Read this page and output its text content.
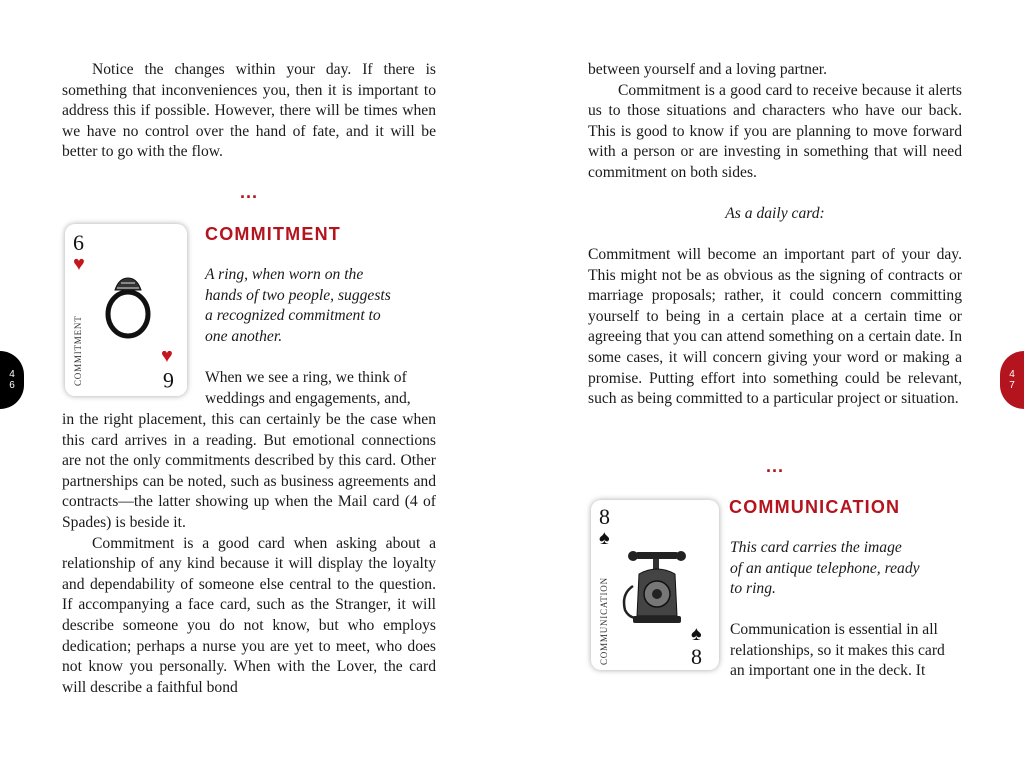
Notice the changes within your day. If there is something that inconveniences you, then it is important to address this if possible. However, there will be times when we have no control over the hand of fate, and it will be better to go with the flow.

...
6
♥
COMMITMENT	♥
6
COMMITMENT
A ring, when worn on the
hands of two people, suggests
a recognized commitment to
one another.
When we see a ring, we think of
weddings and engagements, and,

in the right placement, this can certainly be the case when this card arrives in a reading. But emotional connections are not the only commitments described by this card. Other partnerships can be noted, such as business agreements and contracts—the latter showing up when the Mail card (4 of Spades) is beside it.

Commitment is a good card when asking about a relationship of any kind because it will display the loyalty and dependability of someone else central to the question. If accompanying a face card, such as the Stranger, it will describe someone you do not know, but who employs dedication; perhaps a nurse you are yet to meet, who does not know you personally. When with the Lover, the card will describe a faithful bond

4
6

between yourself and a loving partner.

Commitment is a good card to receive because it alerts us to those situations and characters who have our back. This is good to know if you are planning to move forward with a person or are investing in something that will need commitment on both sides.

As a daily card:

Commitment will become an important part of your day. This might not be as obvious as the signing of contracts or marriage proposals; rather, it could concern committing yourself to being in a certain place at a certain time or agreeing that you can attend something on a certain date. In some cases, it will concern giving your word or making a promise. Putting effort into something could be relevant, such as being committed to a particular project or situation.

...
8
♠
COMMUNICATION	♠
8
COMMUNICATION
This card carries the image
of an antique telephone, ready
to ring.
Communication is essential in all
relationships, so it makes this card
an important one in the deck. It
4
7
